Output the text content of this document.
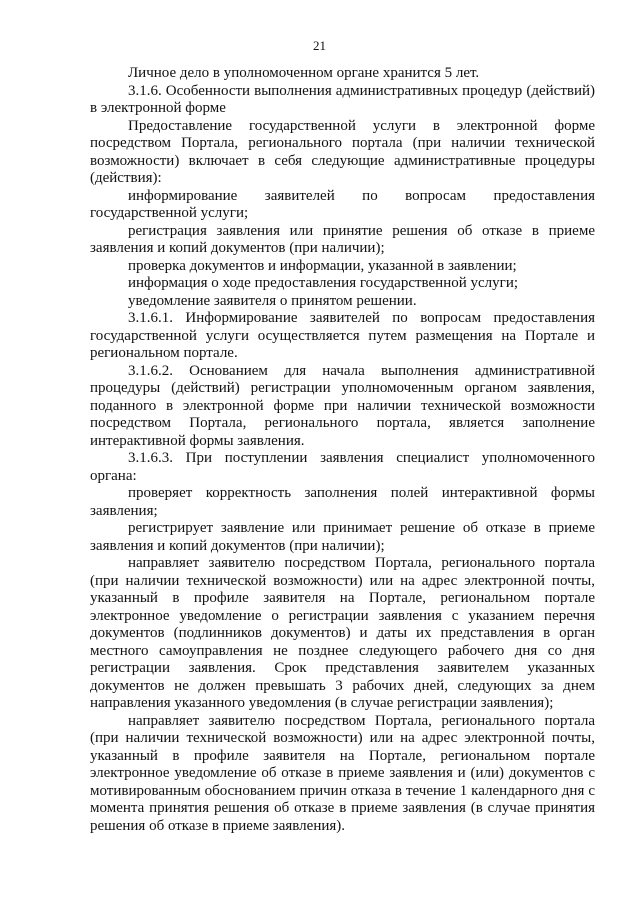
21

Личное дело в уполномоченном органе хранится 5 лет.

3.1.6. Особенности выполнения административных процедур (действий) в электронной форме

Предоставление государственной услуги в электронной форме посредством Портала, регионального портала (при наличии технической возможности) включает в себя следующие административные процедуры (действия):

информирование заявителей по вопросам предоставления государственной услуги;

регистрация заявления или принятие решения об отказе в приеме заявления и копий документов (при наличии);

проверка документов и информации, указанной в заявлении;

информация о ходе предоставления государственной услуги;

уведомление заявителя о принятом решении.

3.1.6.1. Информирование заявителей по вопросам предоставления государственной услуги осуществляется путем размещения на Портале и региональном портале.

3.1.6.2. Основанием для начала выполнения административной процедуры (действий) регистрации уполномоченным органом заявления, поданного в электронной форме при наличии технической возможности посредством Портала, регионального портала, является заполнение интерактивной формы заявления.

3.1.6.3. При поступлении заявления специалист уполномоченного органа:

проверяет корректность заполнения полей интерактивной формы заявления;

регистрирует заявление или принимает решение об отказе в приеме заявления и копий документов (при наличии);

направляет заявителю посредством Портала, регионального портала (при наличии технической возможности) или на адрес электронной почты, указанный в профиле заявителя на Портале, региональном портале электронное уведомление о регистрации заявления с указанием перечня документов (подлинников документов) и даты их представления в орган местного самоуправления не позднее следующего рабочего дня со дня регистрации заявления. Срок представления заявителем указанных документов не должен превышать 3 рабочих дней, следующих за днем направления указанного уведомления (в случае регистрации заявления);

направляет заявителю посредством Портала, регионального портала (при наличии технической возможности) или на адрес электронной почты, указанный в профиле заявителя на Портале, региональном портале электронное уведомление об отказе в приеме заявления и (или) документов с мотивированным обоснованием причин отказа в течение 1 календарного дня с момента принятия решения об отказе в приеме заявления (в случае принятия решения об отказе в приеме заявления).
